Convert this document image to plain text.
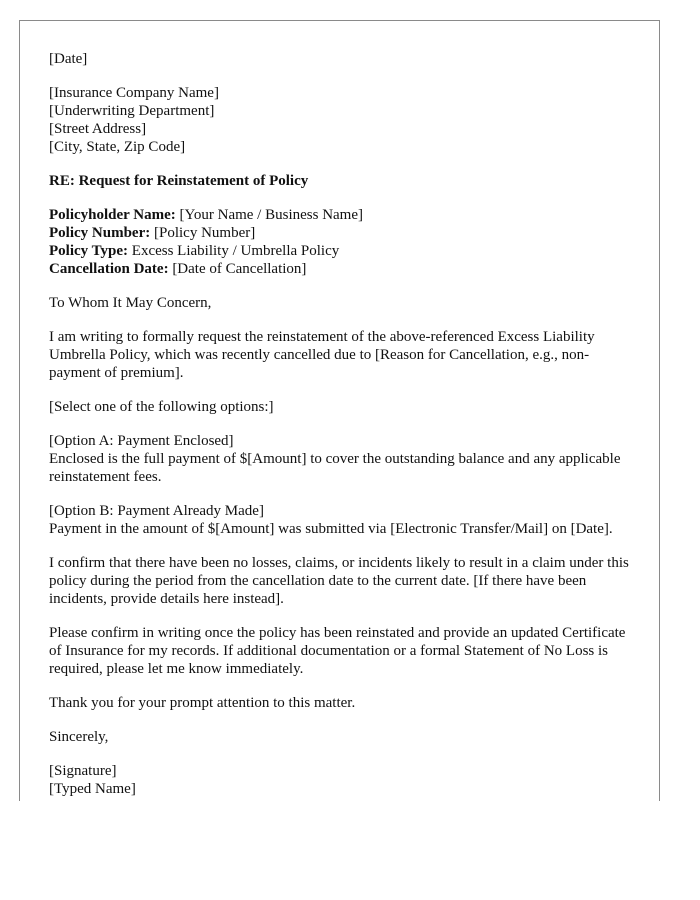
[Date]

[Insurance Company Name]
[Underwriting Department]
[Street Address]
[City, State, Zip Code]

RE: Request for Reinstatement of Policy

Policyholder Name: [Your Name / Business Name]
Policy Number: [Policy Number]
Policy Type: Excess Liability / Umbrella Policy
Cancellation Date: [Date of Cancellation]

To Whom It May Concern,

I am writing to formally request the reinstatement of the above-referenced Excess Liability Umbrella Policy, which was recently cancelled due to [Reason for Cancellation, e.g., non-payment of premium].

[Select one of the following options:]

[Option A: Payment Enclosed]
Enclosed is the full payment of $[Amount] to cover the outstanding balance and any applicable reinstatement fees.
[Option B: Payment Already Made]
Payment in the amount of $[Amount] was submitted via [Electronic Transfer/Mail] on [Date].

I confirm that there have been no losses, claims, or incidents likely to result in a claim under this policy during the period from the cancellation date to the current date. [If there have been incidents, provide details here instead].

Please confirm in writing once the policy has been reinstated and provide an updated Certificate of Insurance for my records. If additional documentation or a formal Statement of No Loss is required, please let me know immediately.

Thank you for your prompt attention to this matter.

Sincerely,

[Signature]
[Typed Name]
